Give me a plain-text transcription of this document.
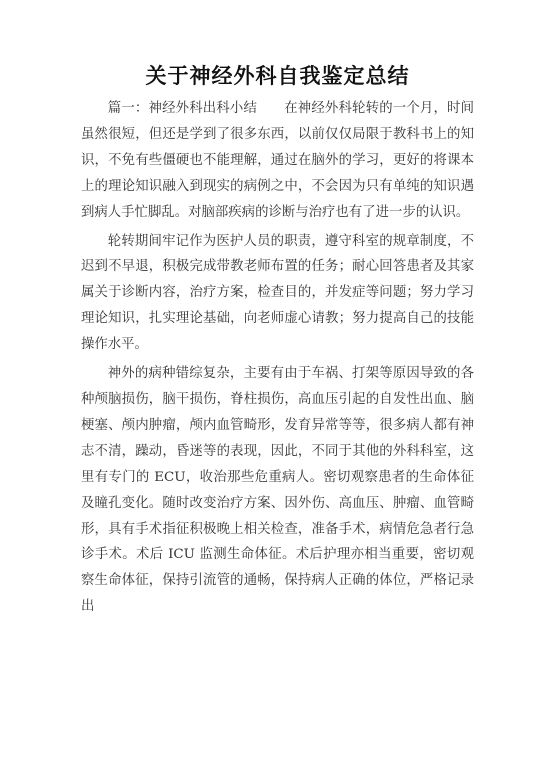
关于神经外科自我鉴定总结

篇一：神经外科出科小结　　在神经外科轮转的一个月，时间虽然很短，但还是学到了很多东西，以前仅仅局限于教科书上的知识，不免有些僵硬也不能理解，通过在脑外的学习，更好的将课本上的理论知识融入到现实的病例之中，不会因为只有单纯的知识遇到病人手忙脚乱。对脑部疾病的诊断与治疗也有了进一步的认识。

轮转期间牢记作为医护人员的职责，遵守科室的规章制度，不迟到不早退，积极完成带教老师布置的任务；耐心回答患者及其家属关于诊断内容，治疗方案，检查目的，并发症等问题；努力学习理论知识，扎实理论基础，向老师虚心请教；努力提高自己的技能操作水平。

神外的病种错综复杂，主要有由于车祸、打架等原因导致的各种颅脑损伤，脑干损伤，脊柱损伤，高血压引起的自发性出血、脑梗塞、颅内肿瘤，颅内血管畸形，发育异常等等，很多病人都有神志不清，躁动，昏迷等的表现，因此，不同于其他的外科科室，这里有专门的 ECU，收治那些危重病人。密切观察患者的生命体征及瞳孔变化。随时改变治疗方案、因外伤、高血压、肿瘤、血管畸形，具有手术指征积极晚上相关检查，准备手术，病情危急者行急诊手术。术后 ICU 监测生命体征。术后护理亦相当重要，密切观察生命体征，保持引流管的通畅，保持病人正确的体位，严格记录出
